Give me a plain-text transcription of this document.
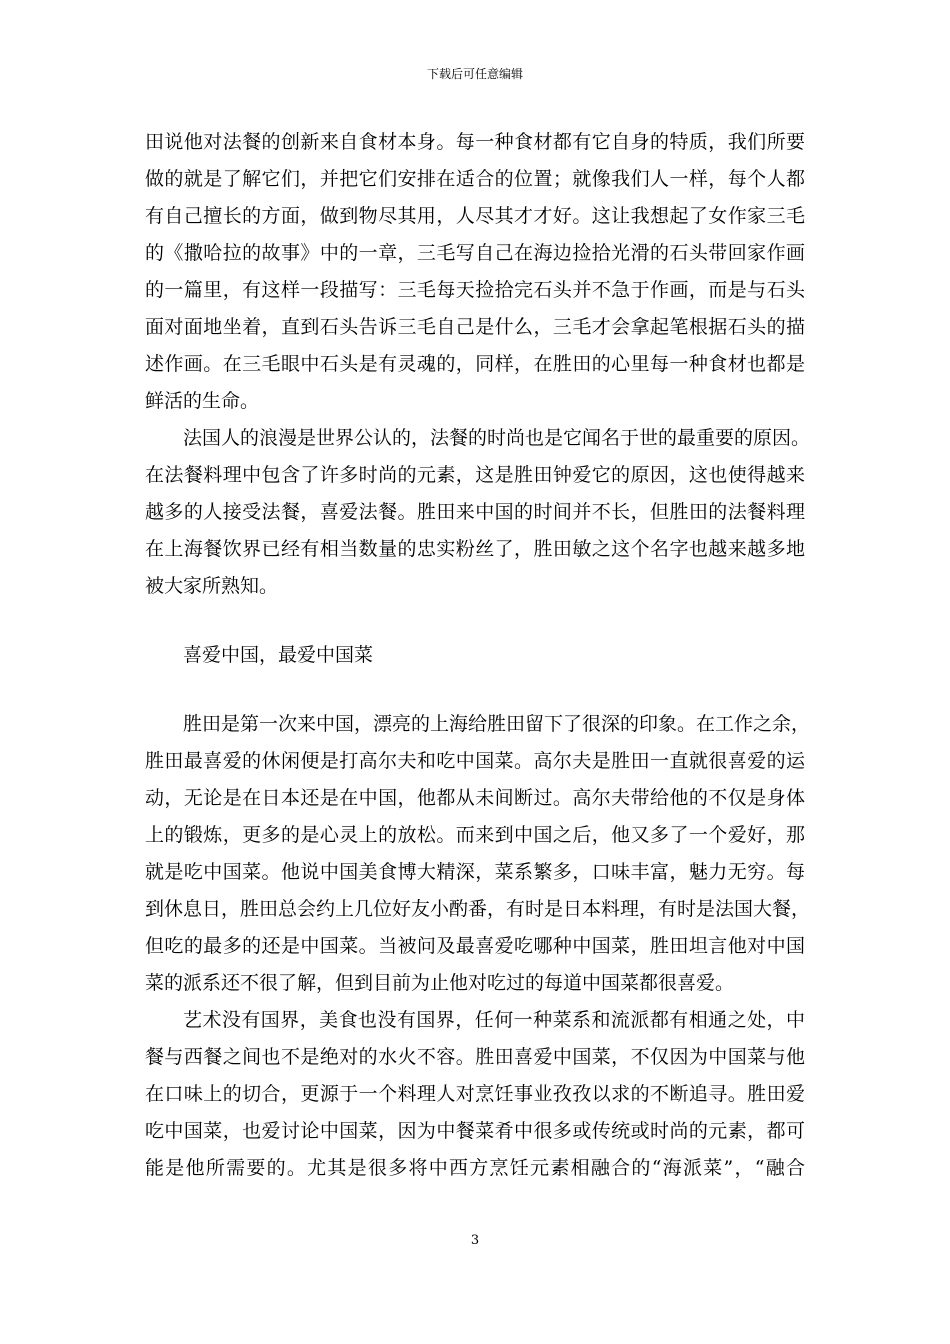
下载后可任意编辑
田说他对法餐的创新来自食材本身。每一种食材都有它自身的特质，我们所要
做的就是了解它们，并把它们安排在适合的位置；就像我们人一样，每个人都
有自己擅长的方面，做到物尽其用，人尽其才才好。这让我想起了女作家三毛
的《撒哈拉的故事》中的一章，三毛写自己在海边捡拾光滑的石头带回家作画
的一篇里，有这样一段描写：三毛每天捡拾完石头并不急于作画，而是与石头
面对面地坐着，直到石头告诉三毛自己是什么，三毛才会拿起笔根据石头的描
述作画。在三毛眼中石头是有灵魂的，同样，在胜田的心里每一种食材也都是
鲜活的生命。
法国人的浪漫是世界公认的，法餐的时尚也是它闻名于世的最重要的原因。
在法餐料理中包含了许多时尚的元素，这是胜田钟爱它的原因，这也使得越来
越多的人接受法餐，喜爱法餐。胜田来中国的时间并不长，但胜田的法餐料理
在上海餐饮界已经有相当数量的忠实粉丝了，胜田敏之这个名字也越来越多地
被大家所熟知。
喜爱中国，最爱中国菜
胜田是第一次来中国，漂亮的上海给胜田留下了很深的印象。在工作之余，
胜田最喜爱的休闲便是打高尔夫和吃中国菜。高尔夫是胜田一直就很喜爱的运
动，无论是在日本还是在中国，他都从未间断过。高尔夫带给他的不仅是身体
上的锻炼，更多的是心灵上的放松。而来到中国之后，他又多了一个爱好，那
就是吃中国菜。他说中国美食博大精深，菜系繁多，口味丰富，魅力无穷。每
到休息日，胜田总会约上几位好友小酌番，有时是日本料理，有时是法国大餐，
但吃的最多的还是中国菜。当被问及最喜爱吃哪种中国菜，胜田坦言他对中国
菜的派系还不很了解，但到目前为止他对吃过的每道中国菜都很喜爱。
艺术没有国界，美食也没有国界，任何一种菜系和流派都有相通之处，中
餐与西餐之间也不是绝对的水火不容。胜田喜爱中国菜，不仅因为中国菜与他
在口味上的切合，更源于一个料理人对烹饪事业孜孜以求的不断追寻。胜田爱
吃中国菜，也爱讨论中国菜，因为中餐菜肴中很多或传统或时尚的元素，都可
能是他所需要的。尤其是很多将中西方烹饪元素相融合的“海派菜”，“融合
3
